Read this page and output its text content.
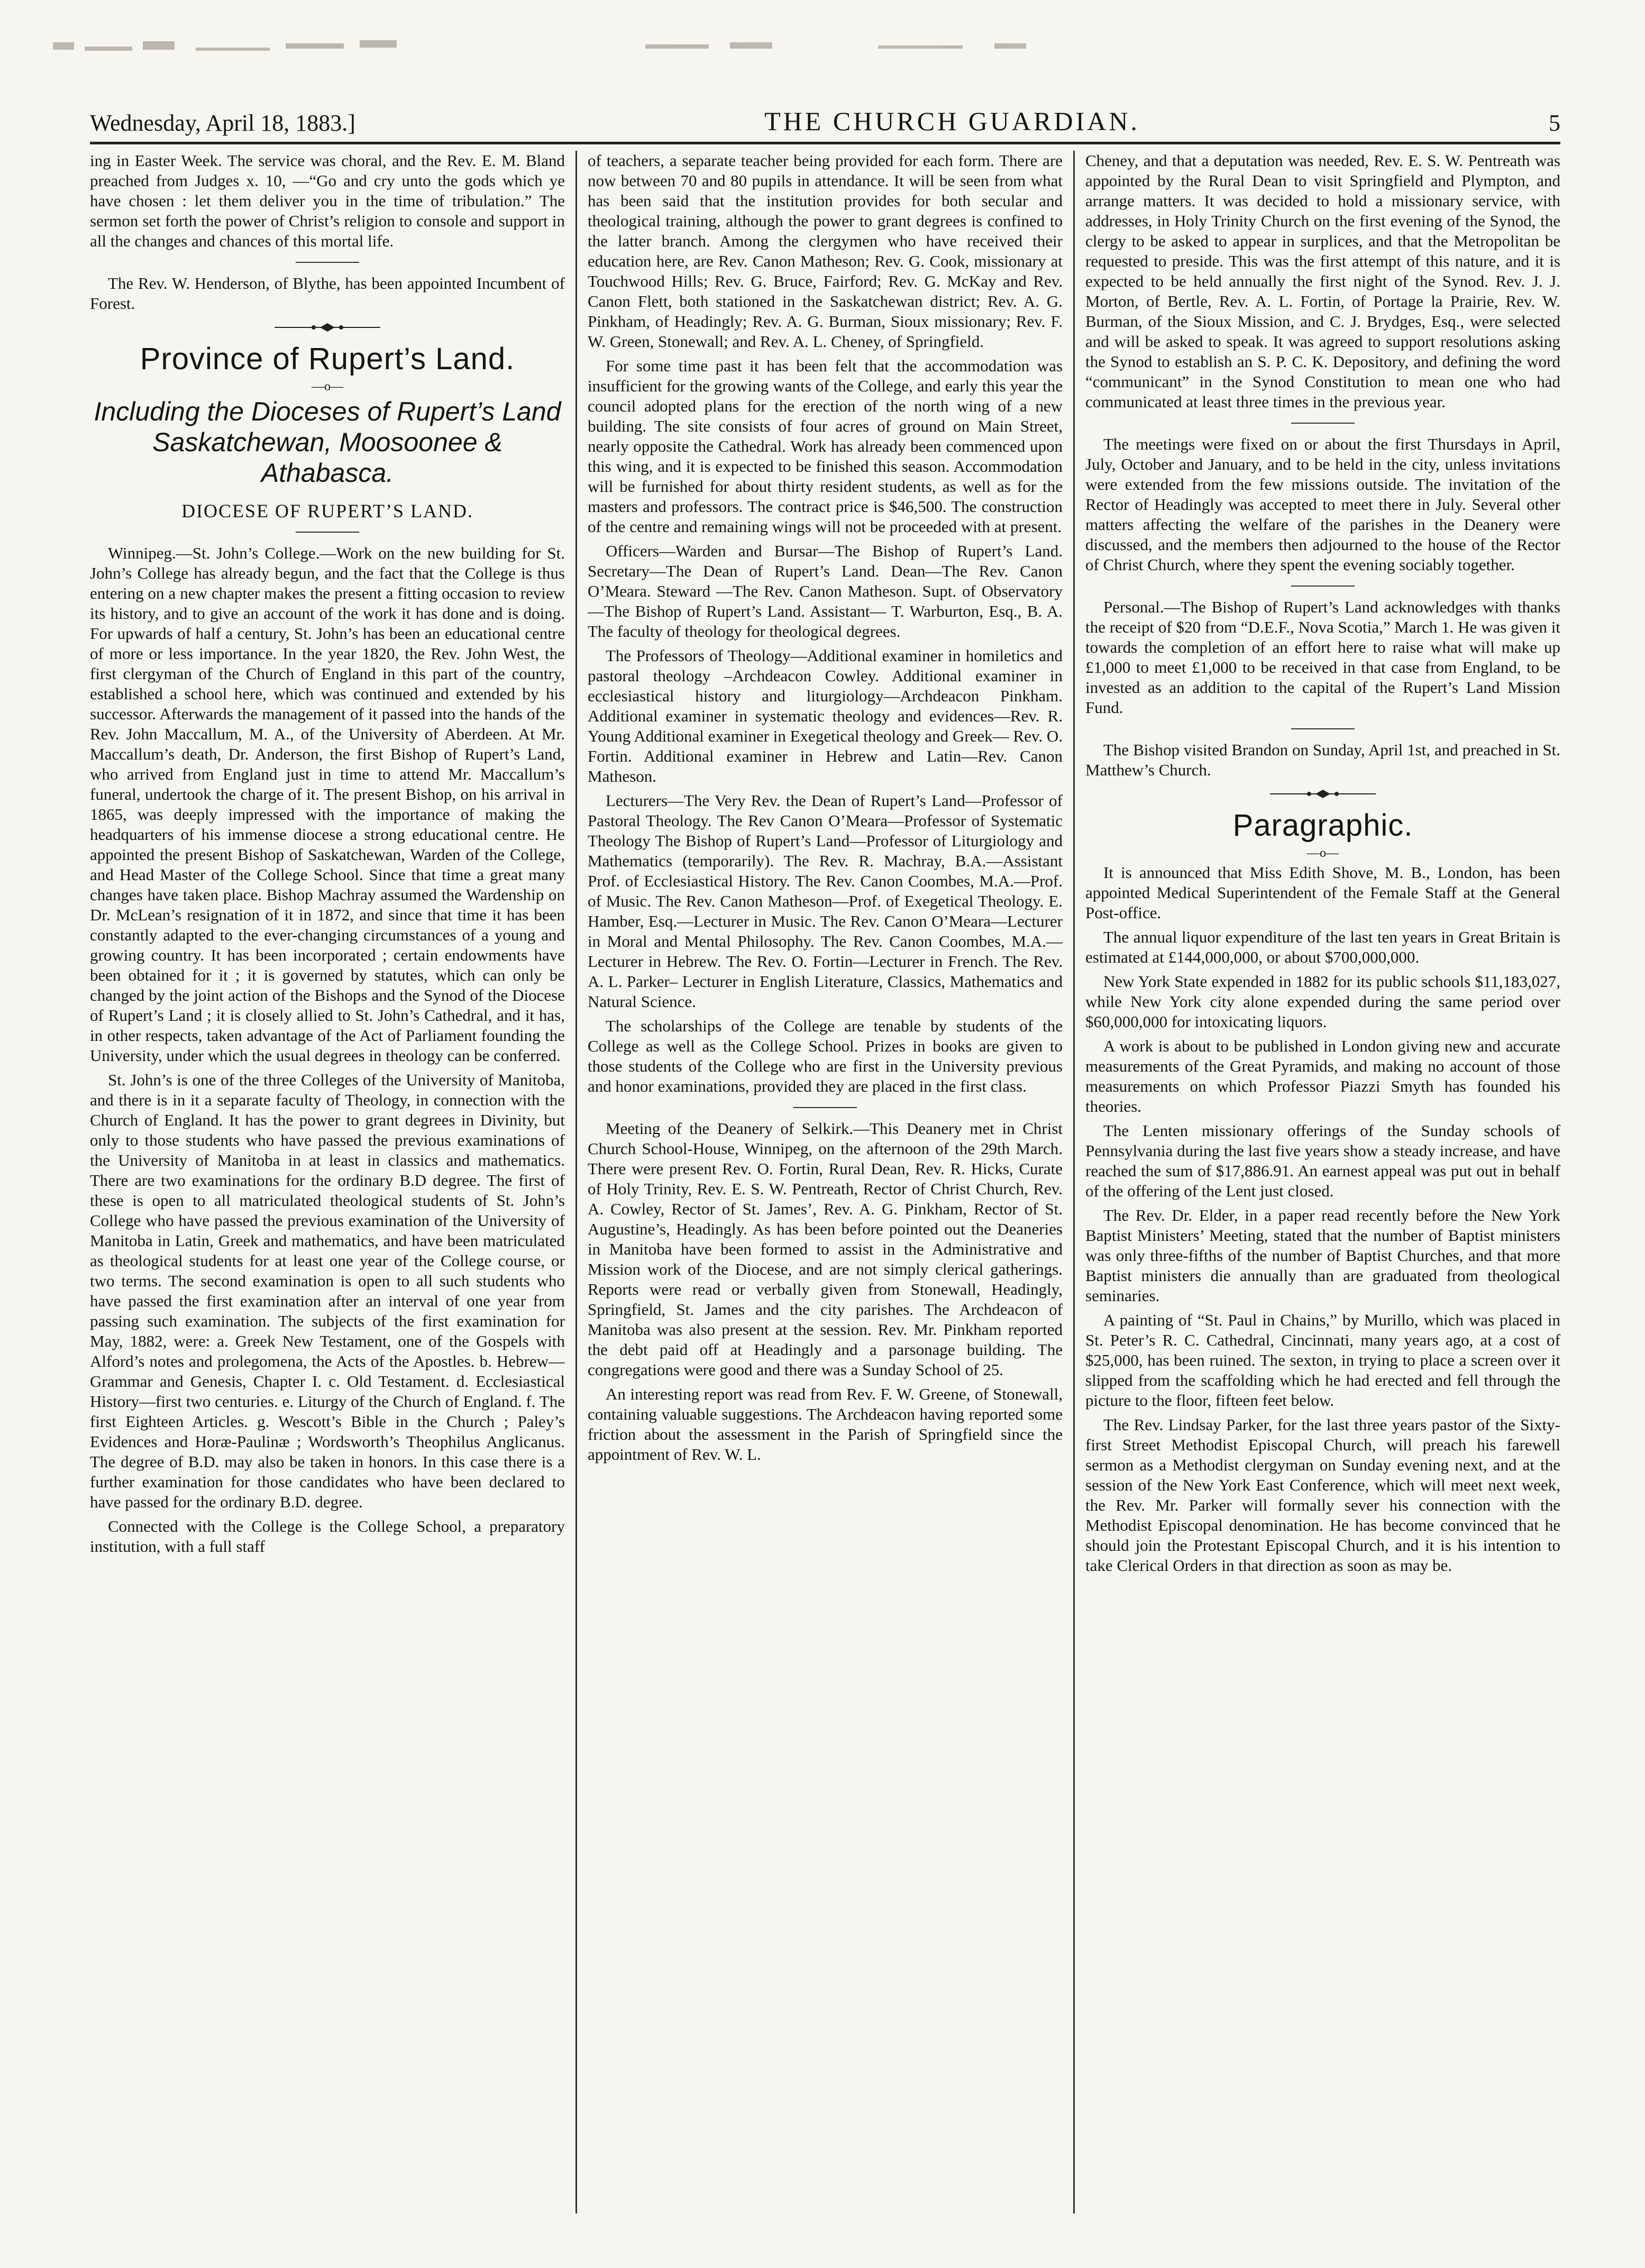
Wednesday, April 18, 1883.]	THE CHURCH GUARDIAN.	5

ing in Easter Week. The service was choral, and the Rev. E. M. Bland preached from Judges x. 10, —“Go and cry unto the gods which ye have chosen : let them deliver you in the time of tribulation.” The sermon set forth the power of Christ’s religion to console and support in all the changes and chances of this mortal life.

The Rev. W. Henderson, of Blythe, has been appointed Incumbent of Forest.

Province of Rupert’s Land.
—o—
Including the Dioceses of Rupert’s Land Saskatchewan, Moosoonee & Athabasca.
DIOCESE OF RUPERT’S LAND.

Winnipeg.—St. John’s College.—Work on the new building for St. John’s College has already begun, and the fact that the College is thus entering on a new chapter makes the present a fitting occasion to review its history, and to give an account of the work it has done and is doing. For upwards of half a century, St. John’s has been an educational centre of more or less importance. In the year 1820, the Rev. John West, the first clergyman of the Church of England in this part of the country, established a school here, which was continued and extended by his successor. Afterwards the management of it passed into the hands of the Rev. John Maccallum, M. A., of the University of Aberdeen. At Mr. Maccallum’s death, Dr. Anderson, the first Bishop of Rupert’s Land, who arrived from England just in time to attend Mr. Maccallum’s funeral, undertook the charge of it. The present Bishop, on his arrival in 1865, was deeply impressed with the importance of making the headquarters of his immense diocese a strong educational centre. He appointed the present Bishop of Saskatchewan, Warden of the College, and Head Master of the College School. Since that time a great many changes have taken place. Bishop Machray assumed the Wardenship on Dr. McLean’s resignation of it in 1872, and since that time it has been constantly adapted to the ever-changing circumstances of a young and growing country. It has been incorporated ; certain endowments have been obtained for it ; it is governed by statutes, which can only be changed by the joint action of the Bishops and the Synod of the Diocese of Rupert’s Land ; it is closely allied to St. John’s Cathedral, and it has, in other respects, taken advantage of the Act of Parliament founding the University, under which the usual degrees in theology can be conferred.

St. John’s is one of the three Colleges of the University of Manitoba, and there is in it a separate faculty of Theology, in connection with the Church of England. It has the power to grant degrees in Divinity, but only to those students who have passed the previous examinations of the University of Manitoba in at least in classics and mathematics. There are two examinations for the ordinary B.D degree. The first of these is open to all matriculated theological students of St. John’s College who have passed the previous examination of the University of Manitoba in Latin, Greek and mathematics, and have been matriculated as theological students for at least one year of the College course, or two terms. The second examination is open to all such students who have passed the first examination after an interval of one year from passing such examination. The subjects of the first examination for May, 1882, were: a. Greek New Testament, one of the Gospels with Alford’s notes and prolegomena, the Acts of the Apostles. b. Hebrew—Grammar and Genesis, Chapter I. c. Old Testament. d. Ecclesiastical History—first two centuries. e. Liturgy of the Church of England. f. The first Eighteen Articles. g. Wescott’s Bible in the Church ; Paley’s Evidences and Horæ-Paulinæ ; Wordsworth’s Theophilus Anglicanus. The degree of B.D. may also be taken in honors. In this case there is a further examination for those candidates who have been declared to have passed for the ordinary B.D. degree.

Connected with the College is the College School, a preparatory institution, with a full staff

of teachers, a separate teacher being provided for each form. There are now between 70 and 80 pupils in attendance. It will be seen from what has been said that the institution provides for both secular and theological training, although the power to grant degrees is confined to the latter branch. Among the clergymen who have received their education here, are Rev. Canon Matheson; Rev. G. Cook, missionary at Touchwood Hills; Rev. G. Bruce, Fairford; Rev. G. McKay and Rev. Canon Flett, both stationed in the Saskatchewan district; Rev. A. G. Pinkham, of Headingly; Rev. A. G. Burman, Sioux missionary; Rev. F. W. Green, Stonewall; and Rev. A. L. Cheney, of Springfield.

For some time past it has been felt that the accommodation was insufficient for the growing wants of the College, and early this year the council adopted plans for the erection of the north wing of a new building. The site consists of four acres of ground on Main Street, nearly opposite the Cathedral. Work has already been commenced upon this wing, and it is expected to be finished this season. Accommodation will be furnished for about thirty resident students, as well as for the masters and professors. The contract price is $46,500. The construction of the centre and remaining wings will not be proceeded with at present.

Officers—Warden and Bursar—The Bishop of Rupert’s Land. Secretary—The Dean of Rupert’s Land. Dean—The Rev. Canon O’Meara. Steward —The Rev. Canon Matheson. Supt. of Observatory—The Bishop of Rupert’s Land. Assistant— T. Warburton, Esq., B. A. The faculty of theology for theological degrees.

The Professors of Theology—Additional examiner in homiletics and pastoral theology –Archdeacon Cowley. Additional examiner in ecclesiastical history and liturgiology—Archdeacon Pinkham. Additional examiner in systematic theology and evidences—Rev. R. Young Additional examiner in Exegetical theology and Greek— Rev. O. Fortin. Additional examiner in Hebrew and Latin—Rev. Canon Matheson.

Lecturers—The Very Rev. the Dean of Rupert’s Land—Professor of Pastoral Theology. The Rev Canon O’Meara—Professor of Systematic Theology The Bishop of Rupert’s Land—Professor of Liturgiology and Mathematics (temporarily). The Rev. R. Machray, B.A.—Assistant Prof. of Ecclesiastical History. The Rev. Canon Coombes, M.A.—Prof. of Music. The Rev. Canon Matheson—Prof. of Exegetical Theology. E. Hamber, Esq.—Lecturer in Music. The Rev. Canon O’Meara—Lecturer in Moral and Mental Philosophy. The Rev. Canon Coombes, M.A.—Lecturer in Hebrew. The Rev. O. Fortin—Lecturer in French. The Rev. A. L. Parker– Lecturer in English Literature, Classics, Mathematics and Natural Science.

The scholarships of the College are tenable by students of the College as well as the College School. Prizes in books are given to those students of the College who are first in the University previous and honor examinations, provided they are placed in the first class.

Meeting of the Deanery of Selkirk.—This Deanery met in Christ Church School-House, Winnipeg, on the afternoon of the 29th March. There were present Rev. O. Fortin, Rural Dean, Rev. R. Hicks, Curate of Holy Trinity, Rev. E. S. W. Pentreath, Rector of Christ Church, Rev. A. Cowley, Rector of St. James’, Rev. A. G. Pinkham, Rector of St. Augustine’s, Headingly. As has been before pointed out the Deaneries in Manitoba have been formed to assist in the Administrative and Mission work of the Diocese, and are not simply clerical gatherings. Reports were read or verbally given from Stonewall, Headingly, Springfield, St. James and the city parishes. The Archdeacon of Manitoba was also present at the session. Rev. Mr. Pinkham reported the debt paid off at Headingly and a parsonage building. The congregations were good and there was a Sunday School of 25.

An interesting report was read from Rev. F. W. Greene, of Stonewall, containing valuable suggestions. The Archdeacon having reported some friction about the assessment in the Parish of Springfield since the appointment of Rev. W. L.

Cheney, and that a deputation was needed, Rev. E. S. W. Pentreath was appointed by the Rural Dean to visit Springfield and Plympton, and arrange matters. It was decided to hold a missionary service, with addresses, in Holy Trinity Church on the first evening of the Synod, the clergy to be asked to appear in surplices, and that the Metropolitan be requested to preside. This was the first attempt of this nature, and it is expected to be held annually the first night of the Synod. Rev. J. J. Morton, of Bertle, Rev. A. L. Fortin, of Portage la Prairie, Rev. W. Burman, of the Sioux Mission, and C. J. Brydges, Esq., were selected and will be asked to speak. It was agreed to support resolutions asking the Synod to establish an S. P. C. K. Depository, and defining the word “communicant” in the Synod Constitution to mean one who had communicated at least three times in the previous year.

The meetings were fixed on or about the first Thursdays in April, July, October and January, and to be held in the city, unless invitations were extended from the few missions outside. The invitation of the Rector of Headingly was accepted to meet there in July. Several other matters affecting the welfare of the parishes in the Deanery were discussed, and the members then adjourned to the house of the Rector of Christ Church, where they spent the evening sociably together.

Personal.—The Bishop of Rupert’s Land acknowledges with thanks the receipt of $20 from “D.E.F., Nova Scotia,” March 1. He was given it towards the completion of an effort here to raise what will make up £1,000 to meet £1,000 to be received in that case from England, to be invested as an addition to the capital of the Rupert’s Land Mission Fund.

The Bishop visited Brandon on Sunday, April 1st, and preached in St. Matthew’s Church.

Paragraphic.
—o—

It is announced that Miss Edith Shove, M. B., London, has been appointed Medical Superintendent of the Female Staff at the General Post-office.

The annual liquor expenditure of the last ten years in Great Britain is estimated at £144,000,000, or about $700,000,000.

New York State expended in 1882 for its public schools $11,183,027, while New York city alone expended during the same period over $60,000,000 for intoxicating liquors.

A work is about to be published in London giving new and accurate measurements of the Great Pyramids, and making no account of those measurements on which Professor Piazzi Smyth has founded his theories.

The Lenten missionary offerings of the Sunday schools of Pennsylvania during the last five years show a steady increase, and have reached the sum of $17,886.91. An earnest appeal was put out in behalf of the offering of the Lent just closed.

The Rev. Dr. Elder, in a paper read recently before the New York Baptist Ministers’ Meeting, stated that the number of Baptist ministers was only three-fifths of the number of Baptist Churches, and that more Baptist ministers die annually than are graduated from theological seminaries.

A painting of “St. Paul in Chains,” by Murillo, which was placed in St. Peter’s R. C. Cathedral, Cincinnati, many years ago, at a cost of $25,000, has been ruined. The sexton, in trying to place a screen over it slipped from the scaffolding which he had erected and fell through the picture to the floor, fifteen feet below.

The Rev. Lindsay Parker, for the last three years pastor of the Sixty-first Street Methodist Episcopal Church, will preach his farewell sermon as a Methodist clergyman on Sunday evening next, and at the session of the New York East Conference, which will meet next week, the Rev. Mr. Parker will formally sever his connection with the Methodist Episcopal denomination. He has become convinced that he should join the Protestant Episcopal Church, and it is his intention to take Clerical Orders in that direction as soon as may be.
